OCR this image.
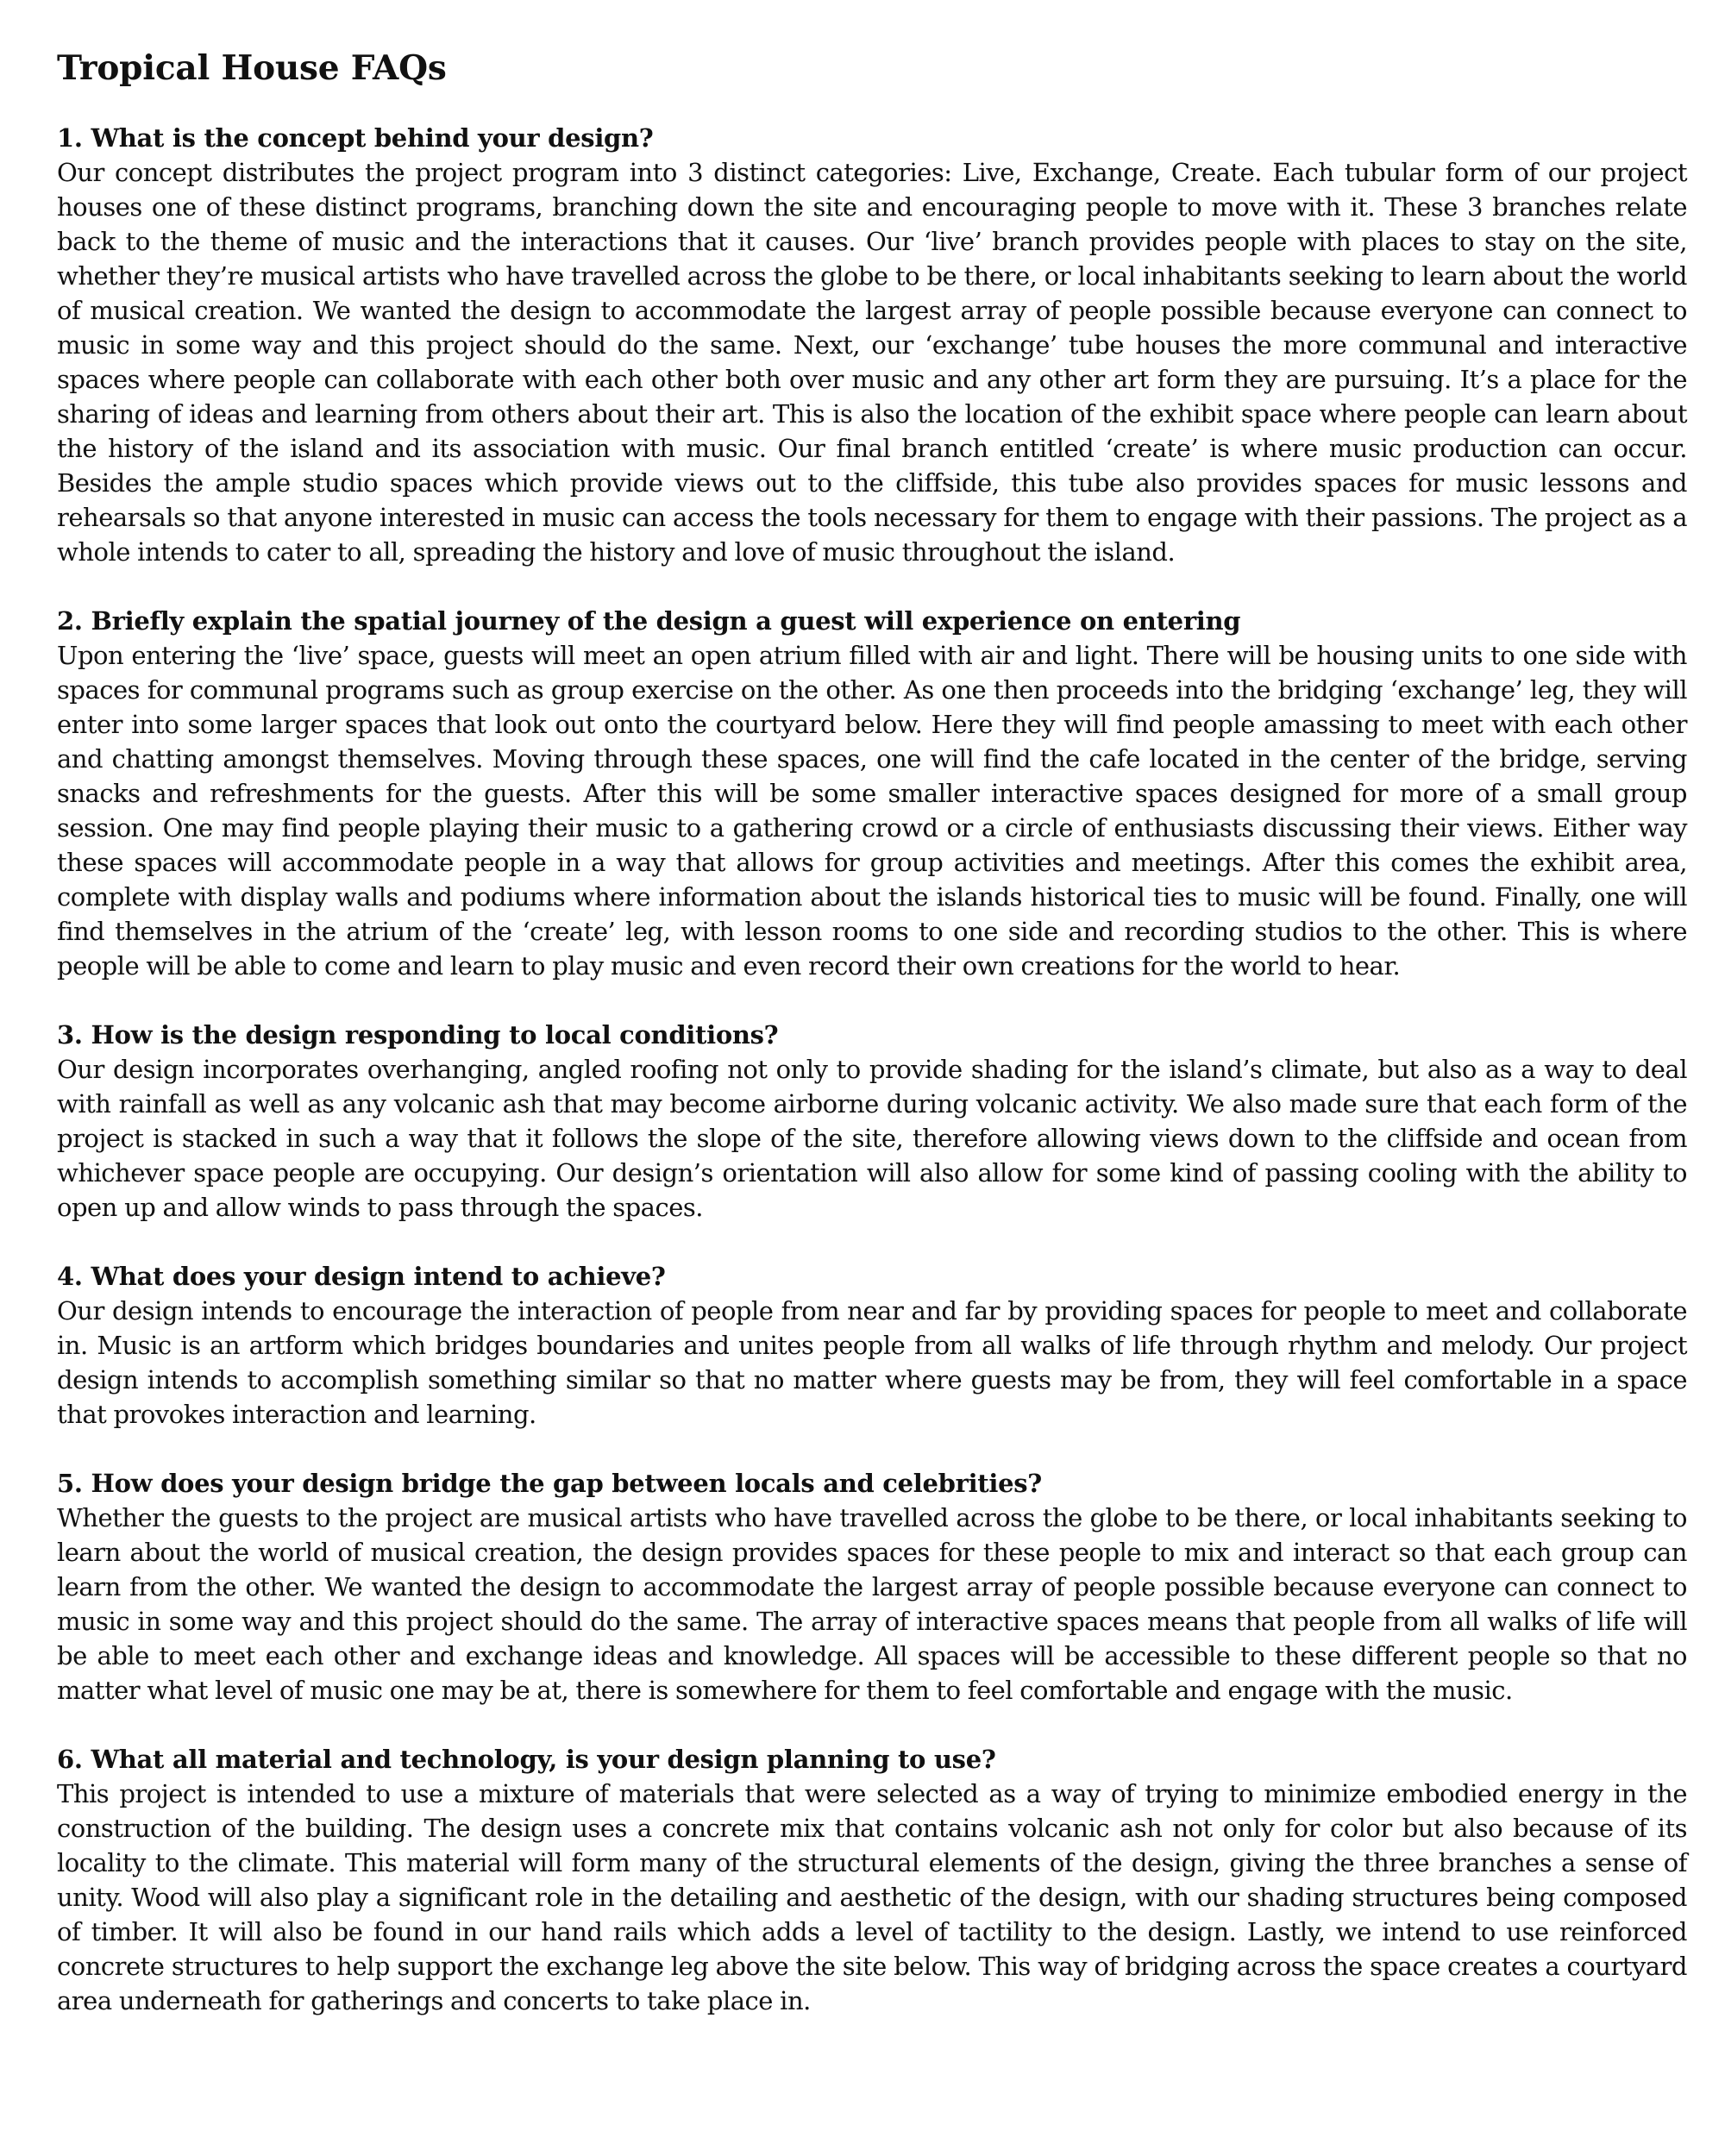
Tropical House FAQs

1. What is the concept behind your design?

Our concept distributes the project program into 3 distinct categories: Live, Exchange, Create. Each tubular form of our project houses one of these distinct programs, branching down the site and encouraging people to move with it. These 3 branches relate back to the theme of music and the interactions that it causes. Our ‘live’ branch provides people with places to stay on the site, whether they’re musical artists who have travelled across the globe to be there, or local inhabitants seeking to learn about the world of musical creation. We wanted the design to accommodate the largest array of people possible because everyone can connect to music in some way and this project should do the same. Next, our ‘exchange’ tube houses the more communal and interactive spaces where people can collaborate with each other both over music and any other art form they are pursuing. It’s a place for the sharing of ideas and learning from others about their art. This is also the location of the exhibit space where people can learn about the history of the island and its association with music. Our final branch entitled ‘create’ is where music production can occur. Besides the ample studio spaces which provide views out to the cliffside, this tube also provides spaces for music lessons and rehearsals so that anyone interested in music can access the tools necessary for them to engage with their passions. The project as a whole intends to cater to all, spreading the history and love of music throughout the island.

2. Briefly explain the spatial journey of the design a guest will experience on entering

Upon entering the ‘live’ space, guests will meet an open atrium filled with air and light. There will be housing units to one side with spaces for communal programs such as group exercise on the other. As one then proceeds into the bridging ‘exchange’ leg, they will enter into some larger spaces that look out onto the courtyard below. Here they will find people amassing to meet with each other and chatting amongst themselves. Moving through these spaces, one will find the cafe located in the center of the bridge, serving snacks and refreshments for the guests. After this will be some smaller interactive spaces designed for more of a small group session. One may find people playing their music to a gathering crowd or a circle of enthusiasts discussing their views. Either way these spaces will accommodate people in a way that allows for group activities and meetings. After this comes the exhibit area, complete with display walls and podiums where information about the islands historical ties to music will be found. Finally, one will find themselves in the atrium of the ‘create’ leg, with lesson rooms to one side and recording studios to the other. This is where people will be able to come and learn to play music and even record their own creations for the world to hear.

3. How is the design responding to local conditions?

Our design incorporates overhanging, angled roofing not only to provide shading for the island’s climate, but also as a way to deal with rainfall as well as any volcanic ash that may become airborne during volcanic activity. We also made sure that each form of the project is stacked in such a way that it follows the slope of the site, therefore allowing views down to the cliffside and ocean from whichever space people are occupying. Our design’s orientation will also allow for some kind of passing cooling with the ability to open up and allow winds to pass through the spaces.

4. What does your design intend to achieve?

Our design intends to encourage the interaction of people from near and far by providing spaces for people to meet and collaborate in. Music is an artform which bridges boundaries and unites people from all walks of life through rhythm and melody. Our project design intends to accomplish something similar so that no matter where guests may be from, they will feel comfortable in a space that provokes interaction and learning.

5. How does your design bridge the gap between locals and celebrities?

Whether the guests to the project are musical artists who have travelled across the globe to be there, or local inhabitants seeking to learn about the world of musical creation, the design provides spaces for these people to mix and interact so that each group can learn from the other. We wanted the design to accommodate the largest array of people possible because everyone can connect to music in some way and this project should do the same. The array of interactive spaces means that people from all walks of life will be able to meet each other and exchange ideas and knowledge. All spaces will be accessible to these different people so that no matter what level of music one may be at, there is somewhere for them to feel comfortable and engage with the music.

6. What all material and technology, is your design planning to use?

This project is intended to use a mixture of materials that were selected as a way of trying to minimize embodied energy in the construction of the building. The design uses a concrete mix that contains volcanic ash not only for color but also because of its locality to the climate. This material will form many of the structural elements of the design, giving the three branches a sense of unity. Wood will also play a significant role in the detailing and aesthetic of the design, with our shading structures being composed of timber. It will also be found in our hand rails which adds a level of tactility to the design. Lastly, we intend to use reinforced concrete structures to help support the exchange leg above the site below. This way of bridging across the space creates a courtyard area underneath for gatherings and concerts to take place in.
